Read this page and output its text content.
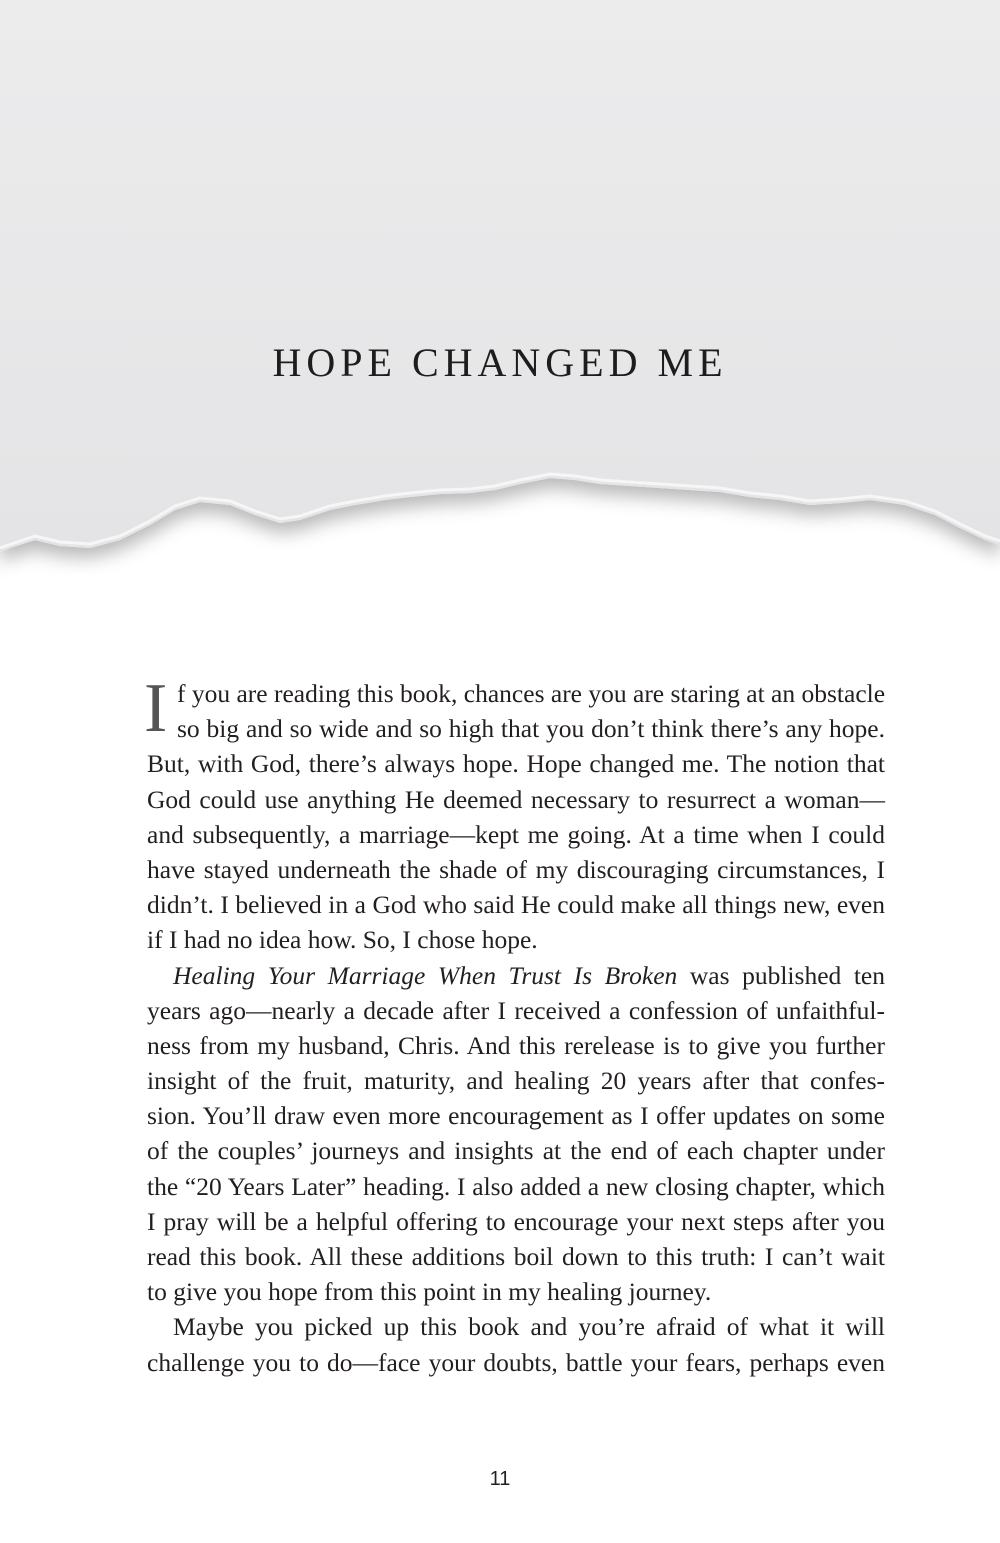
HOPE CHANGED ME
I f you are reading this book, chances are you are staring at an obstacle
so big and so wide and so high that you don’t think there’s any hope.
But, with God, there’s always hope. Hope changed me. The notion that
God could use anything He deemed necessary to resurrect a woman—
and subsequently, a marriage—kept me going. At a time when I could
have stayed underneath the shade of my discouraging circumstances, I
didn’t. I believed in a God who said He could make all things new, even
if I had no idea how. So, I chose hope.
Healing Your Marriage When Trust Is Broken was published ten
years ago—nearly a decade after I received a confession of unfaithful-
ness from my husband, Chris. And this rerelease is to give you further
insight of the fruit, maturity, and healing 20 years after that confes-
sion. You’ll draw even more encouragement as I offer updates on some
of the couples’ journeys and insights at the end of each chapter under
the “20 Years Later” heading. I also added a new closing chapter, which
I pray will be a helpful offering to encourage your next steps after you
read this book. All these additions boil down to this truth: I can’t wait
to give you hope from this point in my healing journey.
Maybe you picked up this book and you’re afraid of what it will
challenge you to do—face your doubts, battle your fears, perhaps even
11
